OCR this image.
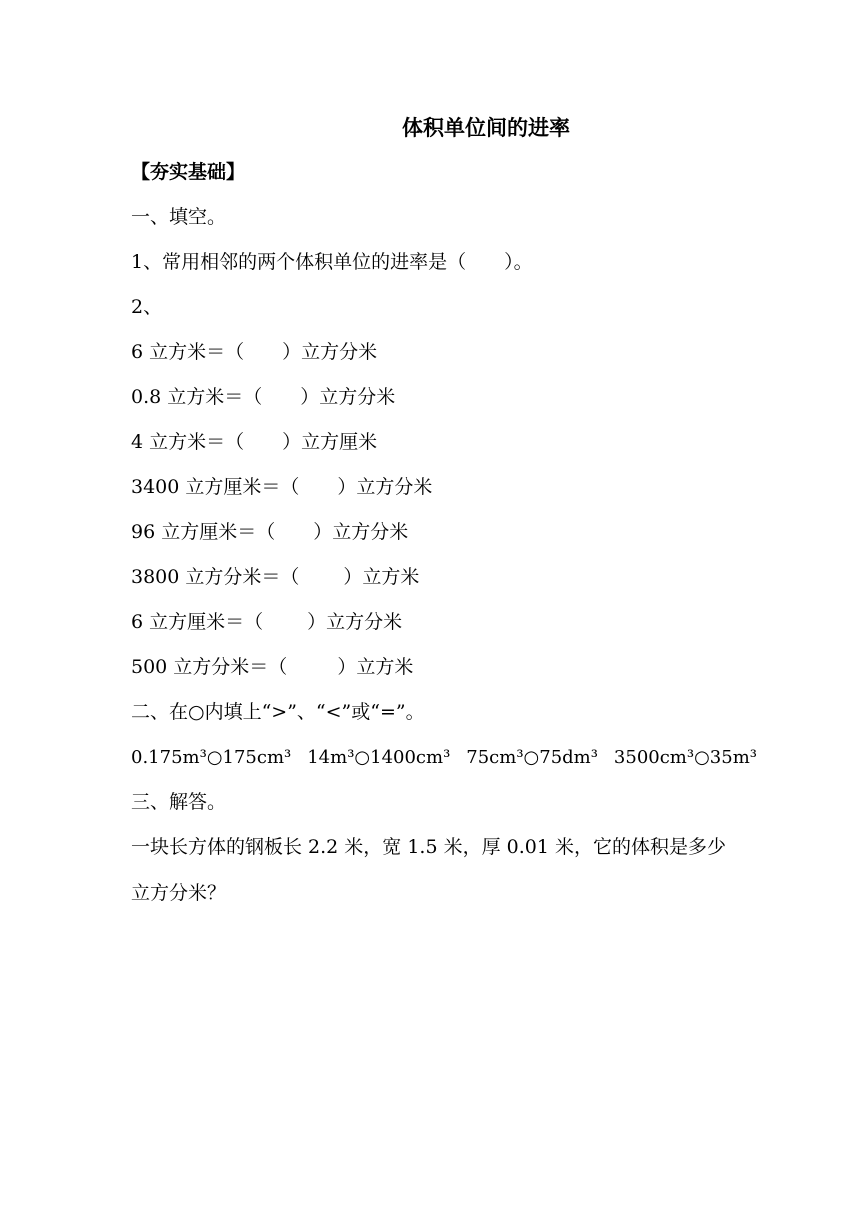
体积单位间的进率
【夯实基础】
一、填空。
1、常用相邻的两个体积单位的进率是（　　）。
2、
6 立方米＝（　　）立方分米
0.8 立方米＝（　　）立方分米
4 立方米＝（　　）立方厘米
3400 立方厘米＝（　　）立方分米
96 立方厘米＝（　　）立方分米
3800 立方分米＝（　　 ）立方米
6 立方厘米＝（　　 ）立方分米
500 立方分米＝（　　  ）立方米
二、在○内填上“>”、“<”或“=”。
0.175m³○175cm³ 14m³○1400cm³ 75cm³○75dm³ 3500cm³○35m³
三、解答。
一块长方体的钢板长 2.2 米，宽 1.5 米，厚 0.01 米，它的体积是多少
立方分米？
